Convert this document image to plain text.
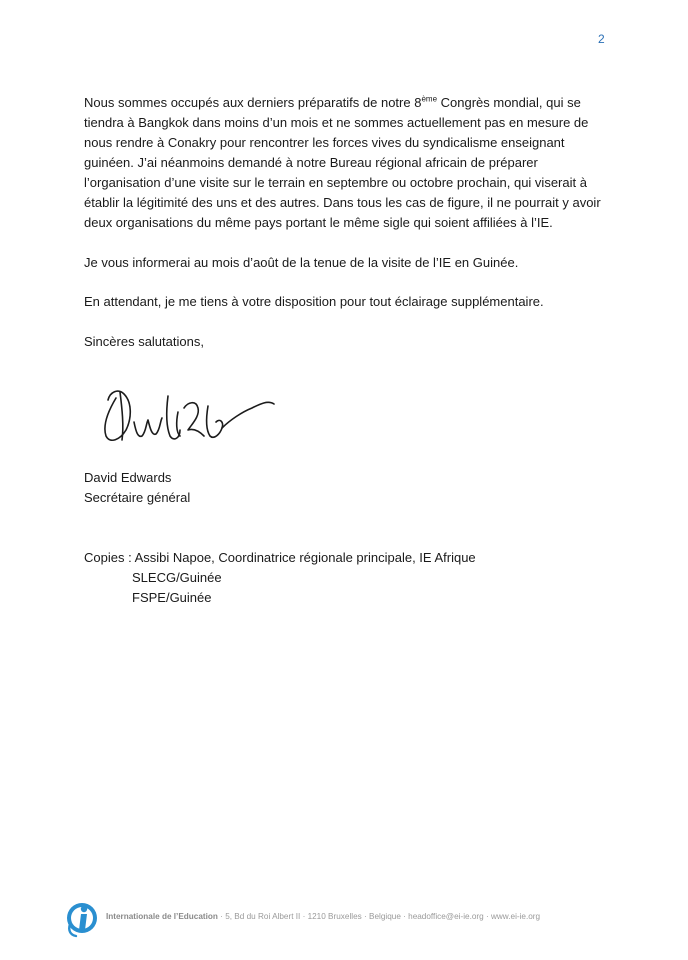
2

Nous sommes occupés aux derniers préparatifs de notre 8ème Congrès mondial, qui se tiendra à Bangkok dans moins d’un mois et ne sommes actuellement pas en mesure de nous rendre à Conakry pour rencontrer les forces vives du syndicalisme enseignant guinéen. J’ai néanmoins demandé à notre Bureau régional africain de préparer l’organisation d’une visite sur le terrain en septembre ou octobre prochain, qui viserait à établir la légitimité des uns et des autres. Dans tous les cas de figure, il ne pourrait y avoir deux organisations du même pays portant le même sigle qui soient affiliées à l’IE.

Je vous informerai au mois d’août de la tenue de la visite de l’IE en Guinée.

En attendant, je me tiens à votre disposition pour tout éclairage supplémentaire.

Sincères salutations,

David Edwards
Secrétaire général
Copies : Assibi Napoe, Coordinatrice régionale principale, IE Afrique
SLECG/Guinée
FSPE/Guinée
Internationale de l’Education · 5, Bd du Roi Albert II · 1210 Bruxelles · Belgique · headoffice@ei-ie.org · www.ei-ie.org
